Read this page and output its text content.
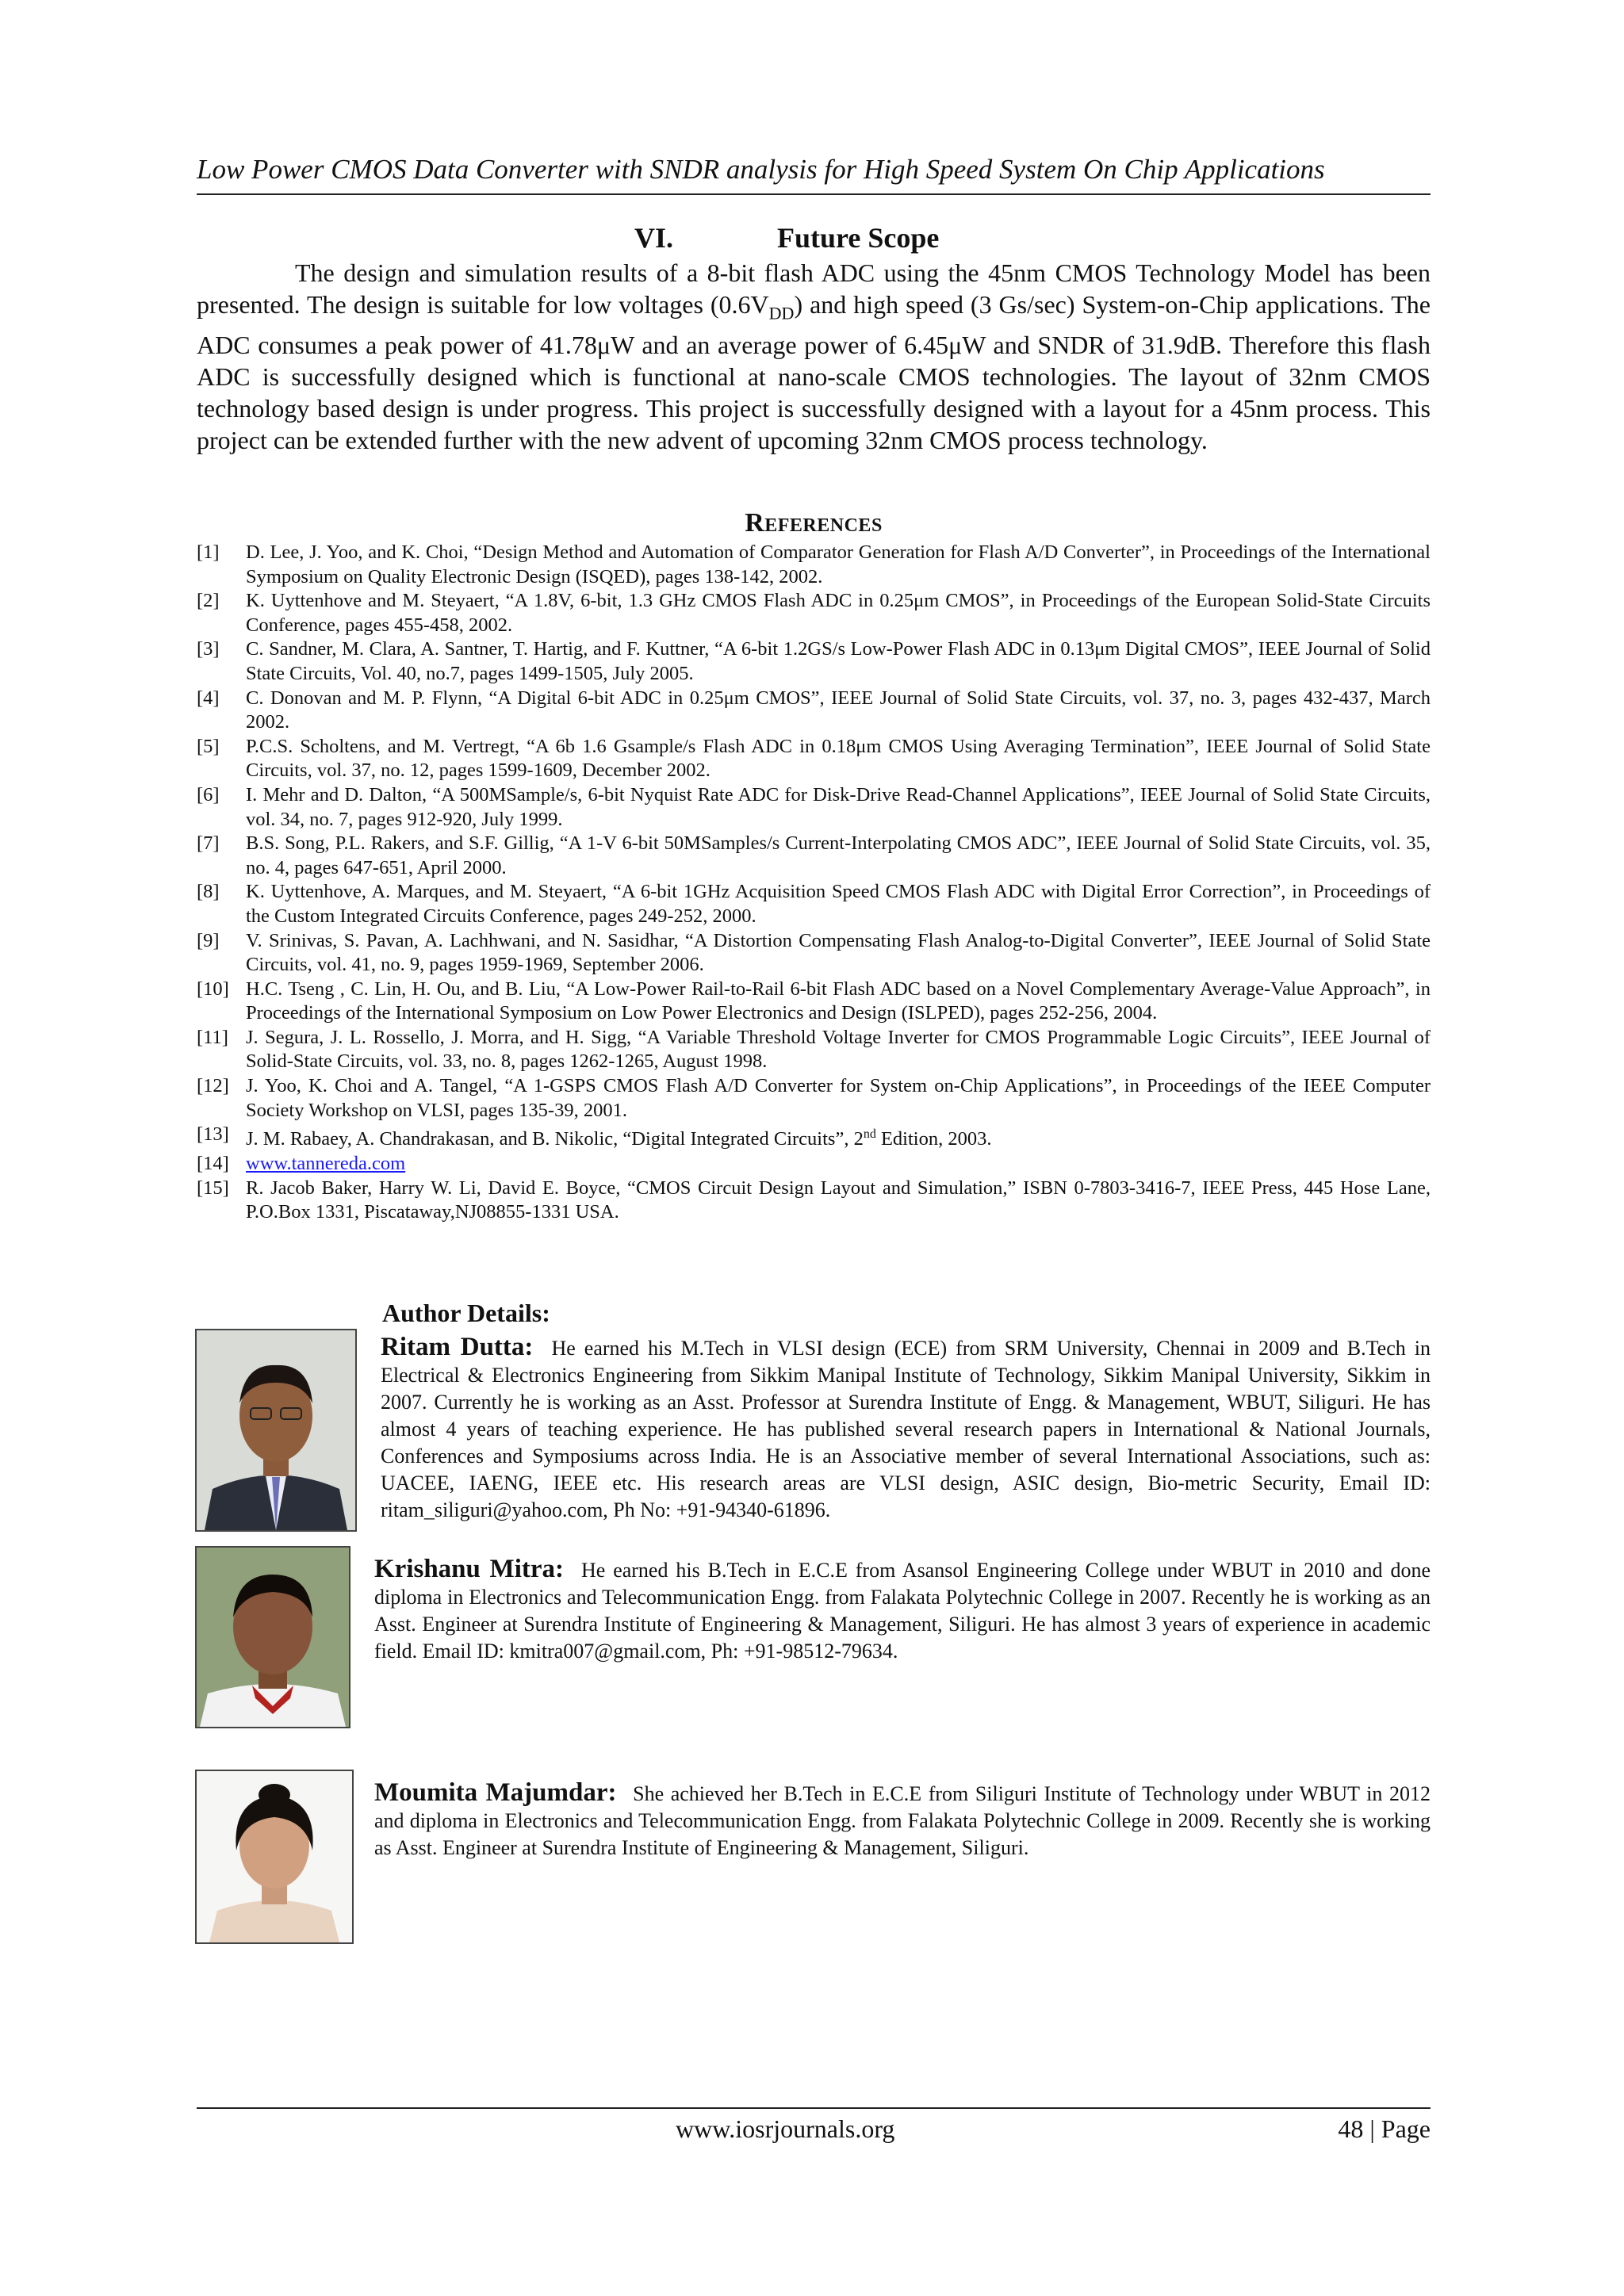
Low Power CMOS Data Converter with SNDR analysis for High Speed System On Chip Applications
VI.	Future Scope

The design and simulation results of a 8-bit flash ADC using the 45nm CMOS Technology Model has been presented. The design is suitable for low voltages $(0.6V_{DD})$ and high speed (3 Gs/sec) System-on-Chip applications. The ADC consumes a peak power of 41.78μW and an average power of 6.45μW and SNDR of 31.9dB. Therefore this flash ADC is successfully designed which is functional at nano-scale CMOS technologies. The layout of 32nm CMOS technology based design is under progress. This project is successfully designed with a layout for a 45nm process. This project can be extended further with the new advent of upcoming 32nm CMOS process technology.

References
[1] D. Lee, J. Yoo, and K. Choi, “Design Method and Automation of Comparator Generation for Flash A/D Converter”, in Proceedings of the International Symposium on Quality Electronic Design (ISQED), pages 138-142, 2002.
[2] K. Uyttenhove and M. Steyaert, “A 1.8V, 6-bit, 1.3 GHz CMOS Flash ADC in 0.25μm CMOS”, in Proceedings of the European Solid-State Circuits Conference, pages 455-458, 2002.
[3] C. Sandner, M. Clara, A. Santner, T. Hartig, and F. Kuttner, “A 6-bit 1.2GS/s Low-Power Flash ADC in 0.13μm Digital CMOS”, IEEE Journal of Solid State Circuits, Vol. 40, no.7, pages 1499-1505, July 2005.
[4] C. Donovan and M. P. Flynn, “A Digital 6-bit ADC in 0.25μm CMOS”, IEEE Journal of Solid State Circuits, vol. 37, no. 3, pages 432-437, March 2002.
[5] P.C.S. Scholtens, and M. Vertregt, “A 6b 1.6 Gsample/s Flash ADC in 0.18μm CMOS Using Averaging Termination”, IEEE Journal of Solid State Circuits, vol. 37, no. 12, pages 1599-1609, December 2002.
[6] I. Mehr and D. Dalton, “A 500MSample/s, 6-bit Nyquist Rate ADC for Disk-Drive Read-Channel Applications”, IEEE Journal of Solid State Circuits, vol. 34, no. 7, pages 912-920, July 1999.
[7] B.S. Song, P.L. Rakers, and S.F. Gillig, “A 1-V 6-bit 50MSamples/s Current-Interpolating CMOS ADC”, IEEE Journal of Solid State Circuits, vol. 35, no. 4, pages 647-651, April 2000.
[8] K. Uyttenhove, A. Marques, and M. Steyaert, “A 6-bit 1GHz Acquisition Speed CMOS Flash ADC with Digital Error Correction”, in Proceedings of the Custom Integrated Circuits Conference, pages 249-252, 2000.
[9] V. Srinivas, S. Pavan, A. Lachhwani, and N. Sasidhar, “A Distortion Compensating Flash Analog-to-Digital Converter”, IEEE Journal of Solid State Circuits, vol. 41, no. 9, pages 1959-1969, September 2006.
[10] H.C. Tseng , C. Lin, H. Ou, and B. Liu, “A Low-Power Rail-to-Rail 6-bit Flash ADC based on a Novel Complementary Average-Value Approach”, in Proceedings of the International Symposium on Low Power Electronics and Design (ISLPED), pages 252-256, 2004.
[11] J. Segura, J. L. Rossello, J. Morra, and H. Sigg, “A Variable Threshold Voltage Inverter for CMOS Programmable Logic Circuits”, IEEE Journal of Solid-State Circuits, vol. 33, no. 8, pages 1262-1265, August 1998.
[12] J. Yoo, K. Choi and A. Tangel, “A 1-GSPS CMOS Flash A/D Converter for System on-Chip Applications”, in Proceedings of the IEEE Computer Society Workshop on VLSI, pages 135-39, 2001.
[13] J. M. Rabaey, A. Chandrakasan, and B. Nikolic, “Digital Integrated Circuits”, 2nd Edition, 2003.
[14] www.tannereda.com
[15] R. Jacob Baker, Harry W. Li, David E. Boyce, “CMOS Circuit Design Layout and Simulation,” ISBN 0-7803-3416-7, IEEE Press, 445 Hose Lane, P.O.Box 1331, Piscataway,NJ08855-1331 USA.
Author Details:

Ritam Dutta: He earned his M.Tech in VLSI design (ECE) from SRM University, Chennai in 2009 and B.Tech in Electrical & Electronics Engineering from Sikkim Manipal Institute of Technology, Sikkim Manipal University, Sikkim in 2007. Currently he is working as an Asst. Professor at Surendra Institute of Engg. & Management, WBUT, Siliguri. He has almost 4 years of teaching experience. He has published several research papers in International & National Journals, Conferences and Symposiums across India. He is an Associative member of several International Associations, such as: UACEE, IAENG, IEEE etc. His research areas are VLSI design, ASIC design, Bio-metric Security, Email ID: ritam_siliguri@yahoo.com, Ph No: +91-94340-61896.

Krishanu Mitra: He earned his B.Tech in E.C.E from Asansol Engineering College under WBUT in 2010 and done diploma in Electronics and Telecommunication Engg. from Falakata Polytechnic College in 2007. Recently he is working as an Asst. Engineer at Surendra Institute of Engineering & Management, Siliguri. He has almost 3 years of experience in academic field. Email ID: kmitra007@gmail.com, Ph: +91-98512-79634.

Moumita Majumdar: She achieved her B.Tech in E.C.E from Siliguri Institute of Technology under WBUT in 2012 and diploma in Electronics and Telecommunication Engg. from Falakata Polytechnic College in 2009. Recently she is working as Asst. Engineer at Surendra Institute of Engineering & Management, Siliguri.

www.iosrjournals.org	48 | Page
